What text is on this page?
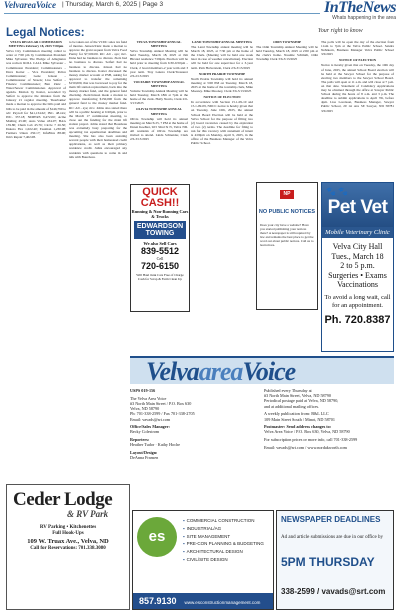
VelvareaVoice | Thursday, March 6, 2025 | Page 3	InTheNews
Whats happening in the area
Legal Notices:	Your right to know

VELVA REGULAR COMMISSION MEETING February 18, 2025 7:00pm

Velva City Commission meeting called to order at 7:00 pm by Commission President Mike Sylvester. The Pledge of Allegiance was recited. ROLL CALL Mike Sylvester – Commission President; Commissioners – Dave Kotter – Vice President; Police Commissioner; Gene Jenson – Commissioner of Streets; Lisa Seifert – Finance Commissioner; Ben Zietz – Water/Sewer Commissioner. Approval of agenda. Motion by Kotter, seconded by Seifert to approve the minutes from the January 21 regular meeting. 'Deerbanke' made a motion to approve the bills paid and bills to be paid in the amount of $146,790 to wit: Payroll for $41,134.62; INC. 48.xxx; INC. 337.18; NDPERS 9,472.00; Acme Mailing 45.90; Auto Value 434.07; BAG 139.80; Chem Lab 45.76; Circle 7 26.50; Dakota Fire 1,022.40; Eastman 1,230.98; Farmers Union 250.17; InfoBlox 88.00; Jim's Repair 7,402.08.

to be taken out of the VCDC sales tax fund of monies. Jenson/Zietz made a motion to approve the grant request from Velva Food Pantry for $7,500.00. RC: All - aye; m/c. Dane had no business to discuss. Zietz had no business to discuss. Seifert had no business to discuss. Jenson had no business to discuss. Kotter discussed the money market account at PSB, asking for approval to transfer the remaining $150,000, that was borrowed to pay for the main lift station replacement, back into the money market fund, and the general fund checking. Zietz/Jenson made a motion to approve transferring $150,000 from the general fund to the money market fund. RC: All - aye; m/c. Johns also stated there will be a public hearing at 6:20pm, prior to the March 17 commission meeting, to close out the funding for the main lift station project. Johns stated that Bourdeau was extremely busy preparing for the upcoming tax equalization deadlines and meeting. She has also been assisting several people with their homestead credit applications, as well as their primary residence credit. Johns encouraged any residents with questions to come in and talk with Bourdeau.

VELVA TOWNSHIP ANNUAL MEETING

Velva Township Annual Meeting will be held Tuesday, March 18, 2025 at Jim Hirstad residence 7:00pm. Election will be held prior to meeting from 6:30-6:50pm – Clerk, 2 board members-2 year term and 3 year term. Tray Lakota Clerk/Treasurer 2/6-2/13/2025

VOLTAIRE TOWNSHIP ANNUAL MEETING

Voltaire Township Annual Meeting will be held Tuesday, March 18th at 7pm at the home of the clerk. Holly Norris, Clerk 2/6-3/13/2025

OLIVIA TOWNSHIP ANNUAL MEETING

Olivia Township will hold its annual meeting on March 25, 7 PM at the home of Daren Koehler, 923 32nd St N, Velva ND. All residents of Olivia Township are invited to attend. Linda Schneider, Clerk 2/6-3/13/2025

LAND TOWNSHIP ANNUAL MEETING

The Land Township annual meeting will be March 18, 2025, at 7:30 pm at the home of the Clerk. (Meeting will be held one week later in case of weather cancellation). Election will be held for one supervisor for a 3-year term. Pam Holverstein, Clerk 2/6-3/13/2025

NORTH PRAIRIE TOWNSHIP

North Prairie Township will hold its annual meeting at 3:00 PM on Tuesday, March 18, 2025 at the home of the township clerk, Mike Mooney. Mike Mooney, Clerk 3/6-3/13/2025

NOTICE OF ELECTION

In accordance with Section 15.1-09-10 and 15.1-09-09, NDCC notice is hereby given that on Tuesday, June 10th, 2025, the annual School Board Election will be held at the Velva School for the purpose of filling two (2) board vacancies caused by the expiration of two (2) terms. The deadline for filing to run for this vacancy with statement of intent is 4:00pm on Monday, April 9, 2025, in the office of the Business Manager of the Velva Public School.

ODIN TOWNSHIP

The Odin Township Annual Meeting will be held Tuesday, March 18, 2025 at 2:00 pm at the clerk's home. Naomie Schmidt, Odin Township Clerk 3/6-3/13/2025

The polls will be open the day of the election from 11am to 7pm at the Velva Public School. Sandra Nehrkorn, Business Manager Velva Public School 3/6/2025

NOTICE OF ELECTION

Notice is hereby given that on Tuesday, the 10th day of June, 2025, the annual School Board election will be held at the Sawyer School for the purpose of electing two members to the Sawyer School Board. The polls will open at 11 a.m. and will close at 7 p.m. on that date. Statement of Candidacy Applications may be obtained through the office at Sawyer Public School during the hours of 8 a.m. and 3 p.m. The deadline to submit applications is April 7th, before 4pm. Lisa Lorenson, Business Manager, Sawyer Public School, 20 1st Ave SE Sawyer, ND 58781 3/6/2025

QUICK CASH!!
Running & Non-Running Cars & Trucks
EDWARDSON
TOWING
We also Sell Cars
839-5512
Cell
720-6150
Will Haul Junk Cars Free of Charge Cash for Scrap & Farm Clean Up
NP NO PUBLIC NOTICES
Does your city have a website? Have you started publishing your notices there? A newspaper is still required by law and remains the best place to get the word out about public notices. Call us to learn more.
🐾 🐾
Pet Vet
Mobile Veterinary Clinic
Velva City Hall
Tues., March 18
2 to 5 p.m.
Surgeries • Exams
Vaccinations
To avoid a long wait, call for an appointment.
Ph. 720.8387
VelvaareaVoice

USPS 019-156

The Velva Area Voice
#3 North Main Street / P.O. Box 630
Velva, ND 58790
Ph: 701-338-2599 / Fax 701-338-2705

Email: vavads@srt.com

Office/Sales Manager:

Becky Colestrom

Reporters:

Heather Tudor · Kathy Hoche

Layout/Design:

DeAnna Fransen

Published every Thursday at
#3 North Main Street, Velva, ND 58790
Periodical postage paid at Velva, ND 58790,

and at additional mailing offices.

A weekly publication from: B&L LLC

109 Main Street South / Minot, ND 58701

Postmaster: Send address changes to:

Velva Area Voice / P.O. Box 630, Velva, ND 58790

For subscription prices or more info, call 701-338-2599

Email: vavads@srt.com / www.nordakworth.com

Ceder Lodge
& RV Park
RV Parking • Kitchenettes
Full Hook-Ups
109 W. Truax Ave., Velva, ND
Call for Reservations: 701.338.3080
es
▪ COMMERCIAL CONSTRUCTION
▪ INDUSTRIAL/AG
▪ SITE MANAGEMENT
▪ PRE-CON PLANNING & BUDGETING
▪ ARCHITECTURAL DESIGN
▪ CIVIL/SITE DESIGN
857.9130 www.esconstructionmanagement.com
NEWSPAPER DEADLINES
Ad and article submissions are due in our office by
5PM THURSDAY
338-2599 / vavads@srt.com
